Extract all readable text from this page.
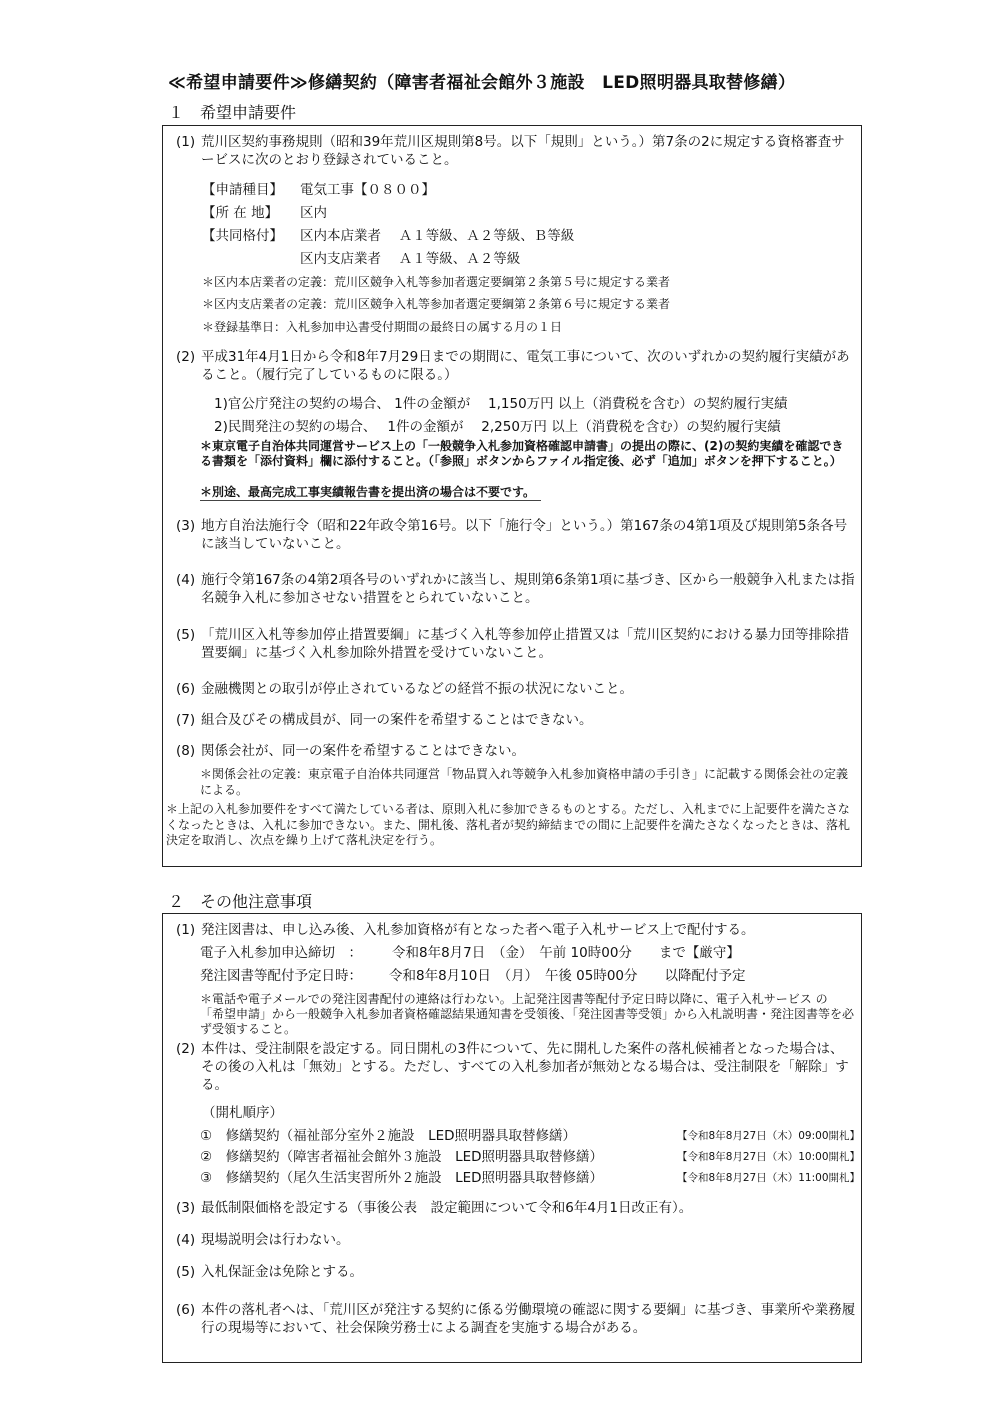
≪希望申請要件≫修繕契約（障害者福祉会館外３施設　LED照明器具取替修繕）
１　希望申請要件
(1) 荒川区契約事務規則（昭和39年荒川区規則第8号。以下「規則」という。）第7条の2に規定する資格審査サービスに次のとおり登録されていること。
【申請種目】 電気工事【０８００】
【所 在 地】 区内
【共同格付】 区内本店業者　 Ａ１等級、Ａ２等級、Ｂ等級
区内支店業者　 Ａ１等級、Ａ２等級
＊区内本店業者の定義：荒川区競争入札等参加者選定要綱第２条第５号に規定する業者
＊区内支店業者の定義：荒川区競争入札等参加者選定要綱第２条第６号に規定する業者
＊登録基準日：入札参加申込書受付期間の最終日の属する月の１日
(2) 平成31年4月1日から令和8年7月29日までの期間に、電気工事について、次のいずれかの契約履行実績があること。（履行完了しているものに限る。）
1)官公庁発注の契約の場合、 1件の金額が　 1,150万円 以上（消費税を含む）の契約履行実績
2)民間発注の契約の場合、　 1件の金額が　 2,250万円 以上（消費税を含む）の契約履行実績
＊東京電子自治体共同運営サービス上の「一般競争入札参加資格確認申請書」の提出の際に、(2)の契約実績を確認できる書類を「添付資料」欄に添付すること。（「参照」ボタンからファイル指定後、必ず「追加」ボタンを押下すること。）
＊別途、最高完成工事実績報告書を提出済の場合は不要です。
(3) 地方自治法施行令（昭和22年政令第16号。以下「施行令」という。）第167条の4第1項及び規則第5条各号に該当していないこと。
(4) 施行令第167条の4第2項各号のいずれかに該当し、規則第6条第1項に基づき、区から一般競争入札または指名競争入札に参加させない措置をとられていないこと。
(5) 「荒川区入札等参加停止措置要綱」に基づく入札等参加停止措置又は「荒川区契約における暴力団等排除措置要綱」に基づく入札参加除外措置を受けていないこと。
(6) 金融機関との取引が停止されているなどの経営不振の状況にないこと。
(7) 組合及びその構成員が、同一の案件を希望することはできない。
(8) 関係会社が、同一の案件を希望することはできない。
＊関係会社の定義：東京電子自治体共同運営「物品買入れ等競争入札参加資格申請の手引き」に記載する関係会社の定義による。
＊上記の入札参加要件をすべて満たしている者は、原則入札に参加できるものとする。ただし、入札までに上記要件を満たさなくなったときは、入札に参加できない。また、開札後、落札者が契約締結までの間に上記要件を満たさなくなったときは、落札決定を取消し、次点を繰り上げて落札決定を行う。
２　その他注意事項
(1) 発注図書は、申し込み後、入札参加資格が有となった者へ電子入札サービス上で配付する。
電子入札参加申込締切　： 令和8年8月7日　（金）　午前 10時00分　　まで【厳守】
発注図書等配付予定日時： 令和8年8月10日　（月）　午後 05時00分　　以降配付予定
＊電話や電子メールでの発注図書配付の連絡は行わない。上記発注図書等配付予定日時以降に、電子入札サービス の 「希望申請」から一般競争入札参加者資格確認結果通知書を受領後、「発注図書等受領」から入札説明書・発注図書等を必ず受領すること。
(2) 本件は、受注制限を設定する。同日開札の3件について、先に開札した案件の落札候補者となった場合は、その後の入札は「無効」とする。ただし、すべての入札参加者が無効となる場合は、受注制限を「解除」する。
（開札順序）
①　修繕契約（福祉部分室外２施設　LED照明器具取替修繕）	【令和8年8月27日（木）09:00開札】
②　修繕契約（障害者福祉会館外３施設　LED照明器具取替修繕）	【令和8年8月27日（木）10:00開札】
③　修繕契約（尾久生活実習所外２施設　LED照明器具取替修繕）	【令和8年8月27日（木）11:00開札】
(3) 最低制限価格を設定する（事後公表　設定範囲について令和6年4月1日改正有）。
(4) 現場説明会は行わない。
(5) 入札保証金は免除とする。
(6) 本件の落札者へは、「荒川区が発注する契約に係る労働環境の確認に関する要綱」に基づき、事業所や業務履行の現場等において、社会保険労務士による調査を実施する場合がある。
